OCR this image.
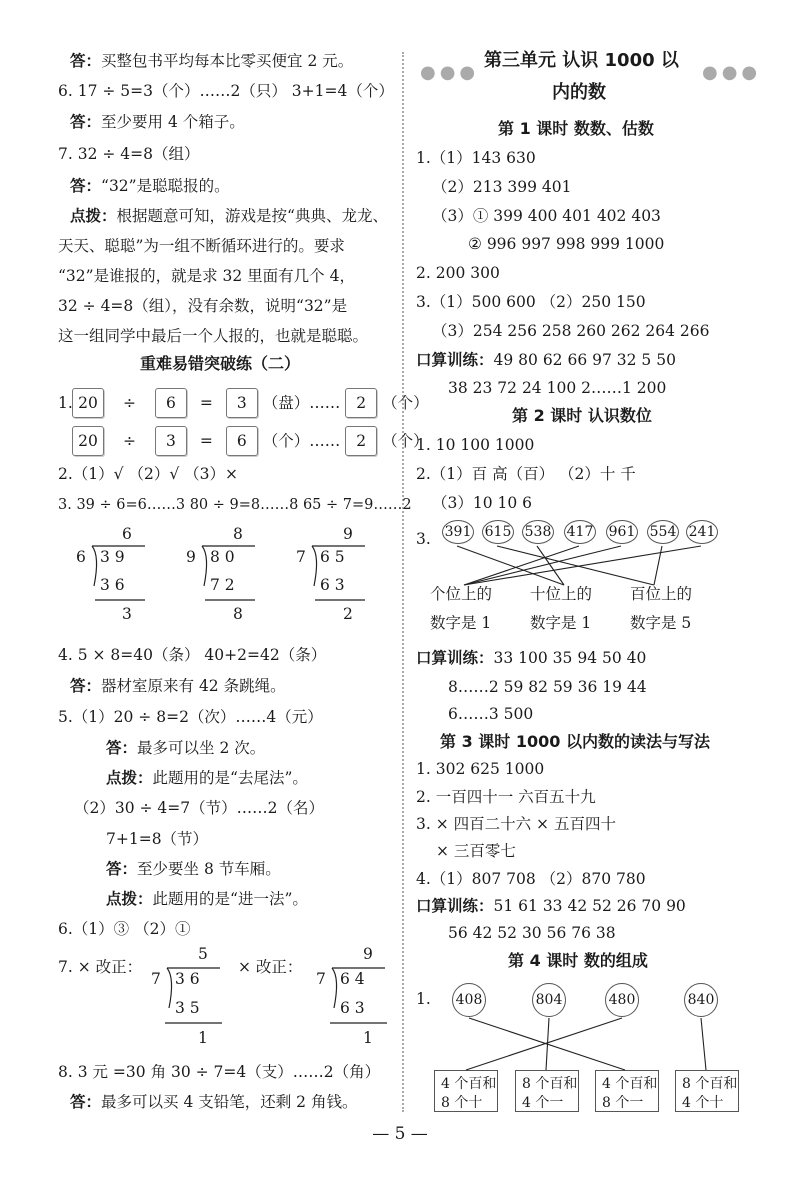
答：买整包书平均每本比零买便宜 2 元。
6. 17 ÷ 5=3（个）……2（只） 3+1=4（个）
答：至少要用 4 个箱子。
7. 32 ÷ 4=8（组）
答：“32”是聪聪报的。
点拨：根据题意可知，游戏是按“典典、龙龙、
天天、聪聪”为一组不断循环进行的。要求
“32”是谁报的，就是求 32 里面有几个 4，
32 ÷ 4=8（组），没有余数，说明“32”是
这一组同学中最后一个人报的，也就是聪聪。
重难易错突破练（二）
1. 20 ÷ 6 = 3 （盘）…… 2 （个）
20 ÷ 3 = 6 （个）…… 2 （个）
2.（1）√ （2）√ （3）×
3. 39 ÷ 6=6……3 80 ÷ 9=8……8 65 ÷ 7=9……2
6
6 3 9
3 6
3
8
9 8 0
7 2
8
9
7 6 5
6 3
2
4. 5 × 8=40（条） 40+2=42（条）
答：器材室原来有 42 条跳绳。
5.（1）20 ÷ 8=2（次）……4（元）
答：最多可以坐 2 次。
点拨：此题用的是“去尾法”。
（2）30 ÷ 4=7（节）……2（名）
7+1=8（节）
答：至少要坐 8 节车厢。
点拨：此题用的是“进一法”。
6.（1）③ （2）①
7. × 改正：
5
7 3 6
3 5
1
× 改正：
9
7 6 4
6 3
1
8. 3 元 =30 角 30 ÷ 7=4（支）……2（角）
答：最多可以买 4 支铅笔，还剩 2 角钱。
●●●	●●●
第三单元 认识 1000 以
内的数
第 1 课时 数数、估数
1.（1）143 630
（2）213 399 401
（3）① 399 400 401 402 403
② 996 997 998 999 1000
2. 200 300
3.（1）500 600 （2）250 150
（3）254 256 258 260 262 264 266
口算训练：49 80 62 66 97 32 5 50
38 23 72 24 100 2……1 200
第 2 课时 认识数位
1. 10 100 1000
2.（1）百 高（百） （2）十 千
（3）10 10 6
3. 391 615 538 417 961 554 241
个位上的 十位上的 百位上的
数字是 1 数字是 1 数字是 5
口算训练：33 100 35 94 50 40
8……2 59 82 59 36 19 44
6……3 500
第 3 课时 1000 以内数的读法与写法
1. 302 625 1000
2. 一百四十一 六百五十九
3. × 四百二十六 × 五百四十
× 三百零七
4.（1）807 708 （2）870 780
口算训练：51 61 33 42 52 26 70 90
56 42 52 30 56 76 38
第 4 课时 数的组成
1. 408	804	480	840
4 个百和
8 个十
8 个百和
4 个一
4 个百和
8 个一
8 个百和
4 个十
— 5 —
